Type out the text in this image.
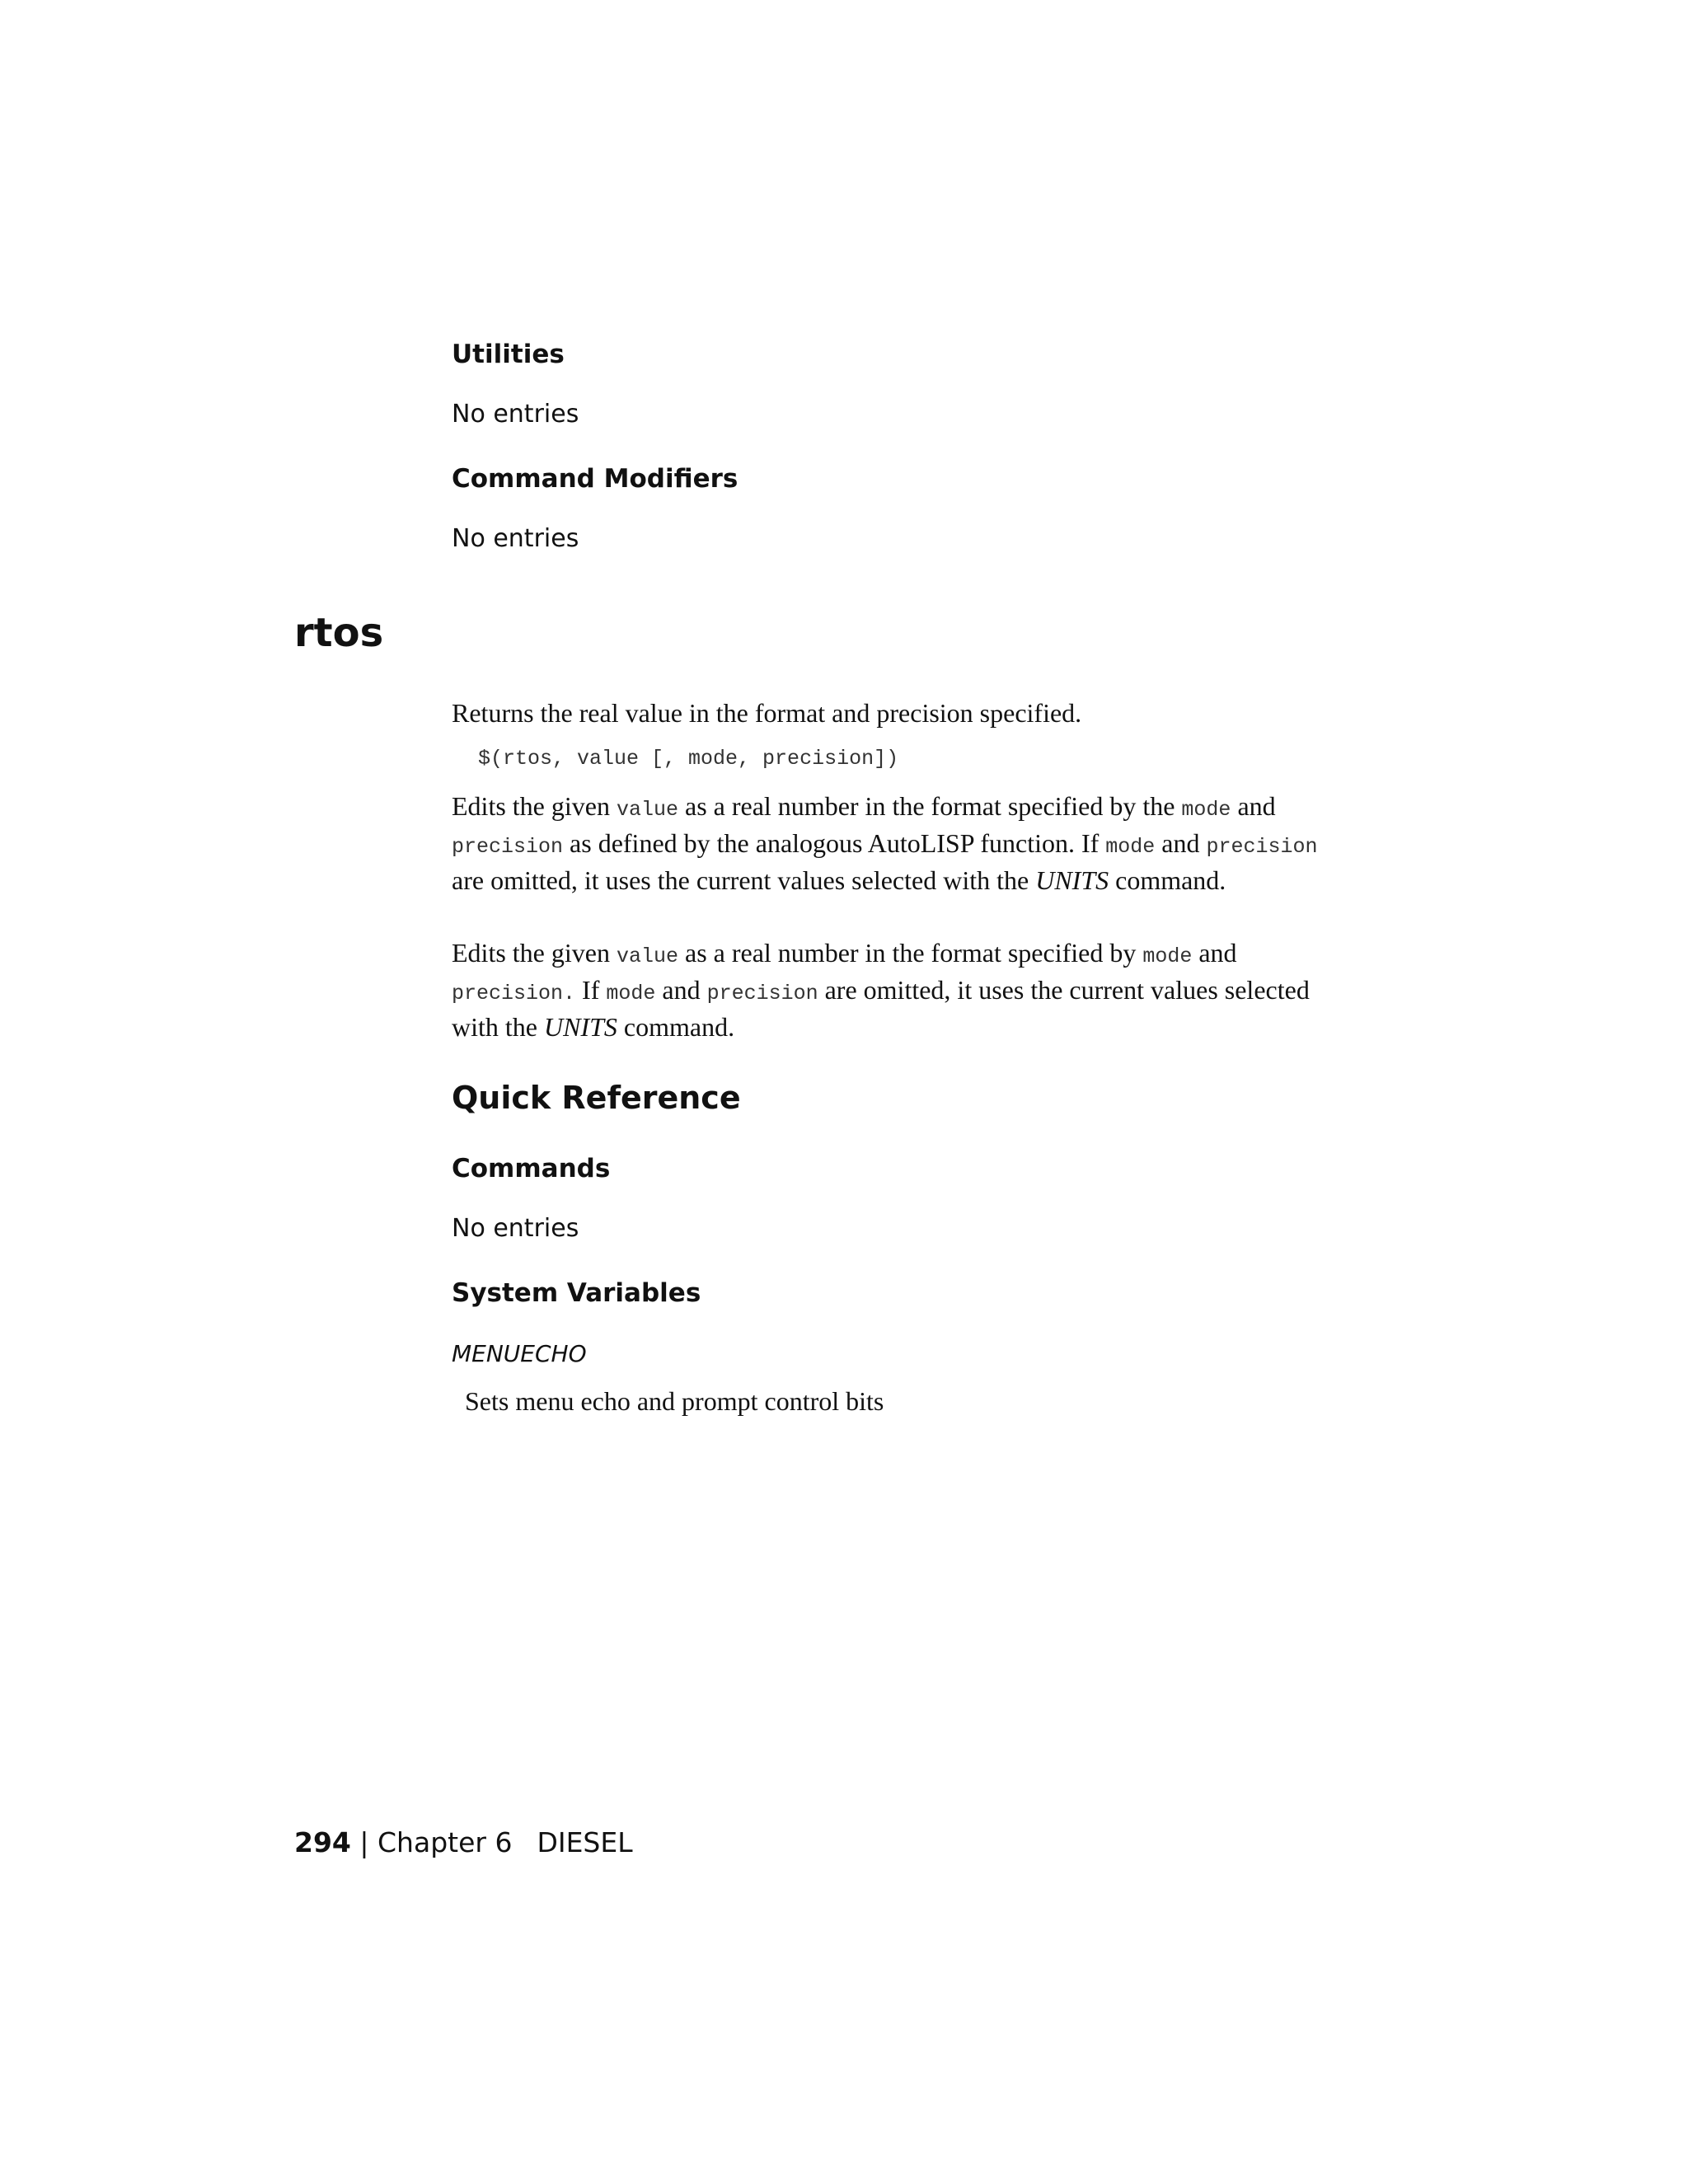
Utilities

No entries

Command Modifiers

No entries

rtos

Returns the real value in the format and precision specified.

$(rtos, value [, mode, precision])

Edits the given value as a real number in the format specified by the mode and precision as defined by the analogous AutoLISP function. If mode and precision are omitted, it uses the current values selected with the UNITS command.

Edits the given value as a real number in the format specified by mode and precision. If mode and precision are omitted, it uses the current values selected with the UNITS command.

Quick Reference
Commands

No entries

System Variables

MENUECHO

Sets menu echo and prompt control bits

294 | Chapter 6 DIESEL
